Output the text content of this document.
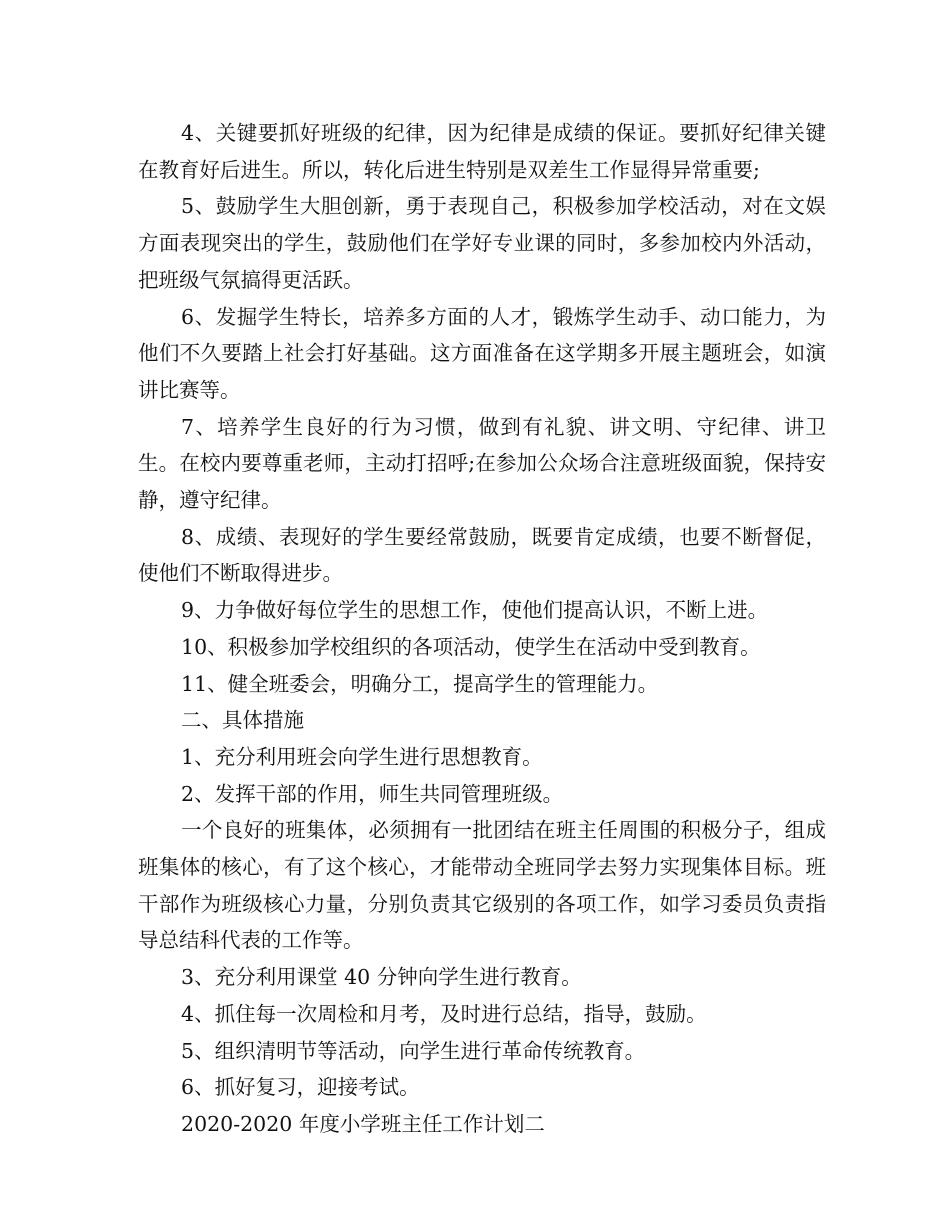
4、关键要抓好班级的纪律，因为纪律是成绩的保证。要抓好纪律关键在教育好后进生。所以，转化后进生特别是双差生工作显得异常重要;

5、鼓励学生大胆创新，勇于表现自己，积极参加学校活动，对在文娱方面表现突出的学生，鼓励他们在学好专业课的同时，多参加校内外活动，把班级气氛搞得更活跃。

6、发掘学生特长，培养多方面的人才，锻炼学生动手、动口能力，为他们不久要踏上社会打好基础。这方面准备在这学期多开展主题班会，如演讲比赛等。

7、培养学生良好的行为习惯，做到有礼貌、讲文明、守纪律、讲卫生。在校内要尊重老师，主动打招呼;在参加公众场合注意班级面貌，保持安静，遵守纪律。

8、成绩、表现好的学生要经常鼓励，既要肯定成绩，也要不断督促，使他们不断取得进步。

9、力争做好每位学生的思想工作，使他们提高认识，不断上进。

10、积极参加学校组织的各项活动，使学生在活动中受到教育。

11、健全班委会，明确分工，提高学生的管理能力。

二、具体措施

1、充分利用班会向学生进行思想教育。

2、发挥干部的作用，师生共同管理班级。

一个良好的班集体，必须拥有一批团结在班主任周围的积极分子，组成班集体的核心，有了这个核心，才能带动全班同学去努力实现集体目标。班干部作为班级核心力量，分别负责其它级别的各项工作，如学习委员负责指导总结科代表的工作等。

3、充分利用课堂 40 分钟向学生进行教育。

4、抓住每一次周检和月考，及时进行总结，指导，鼓励。

5、组织清明节等活动，向学生进行革命传统教育。

6、抓好复习，迎接考试。

2020-2020 年度小学班主任工作计划二
